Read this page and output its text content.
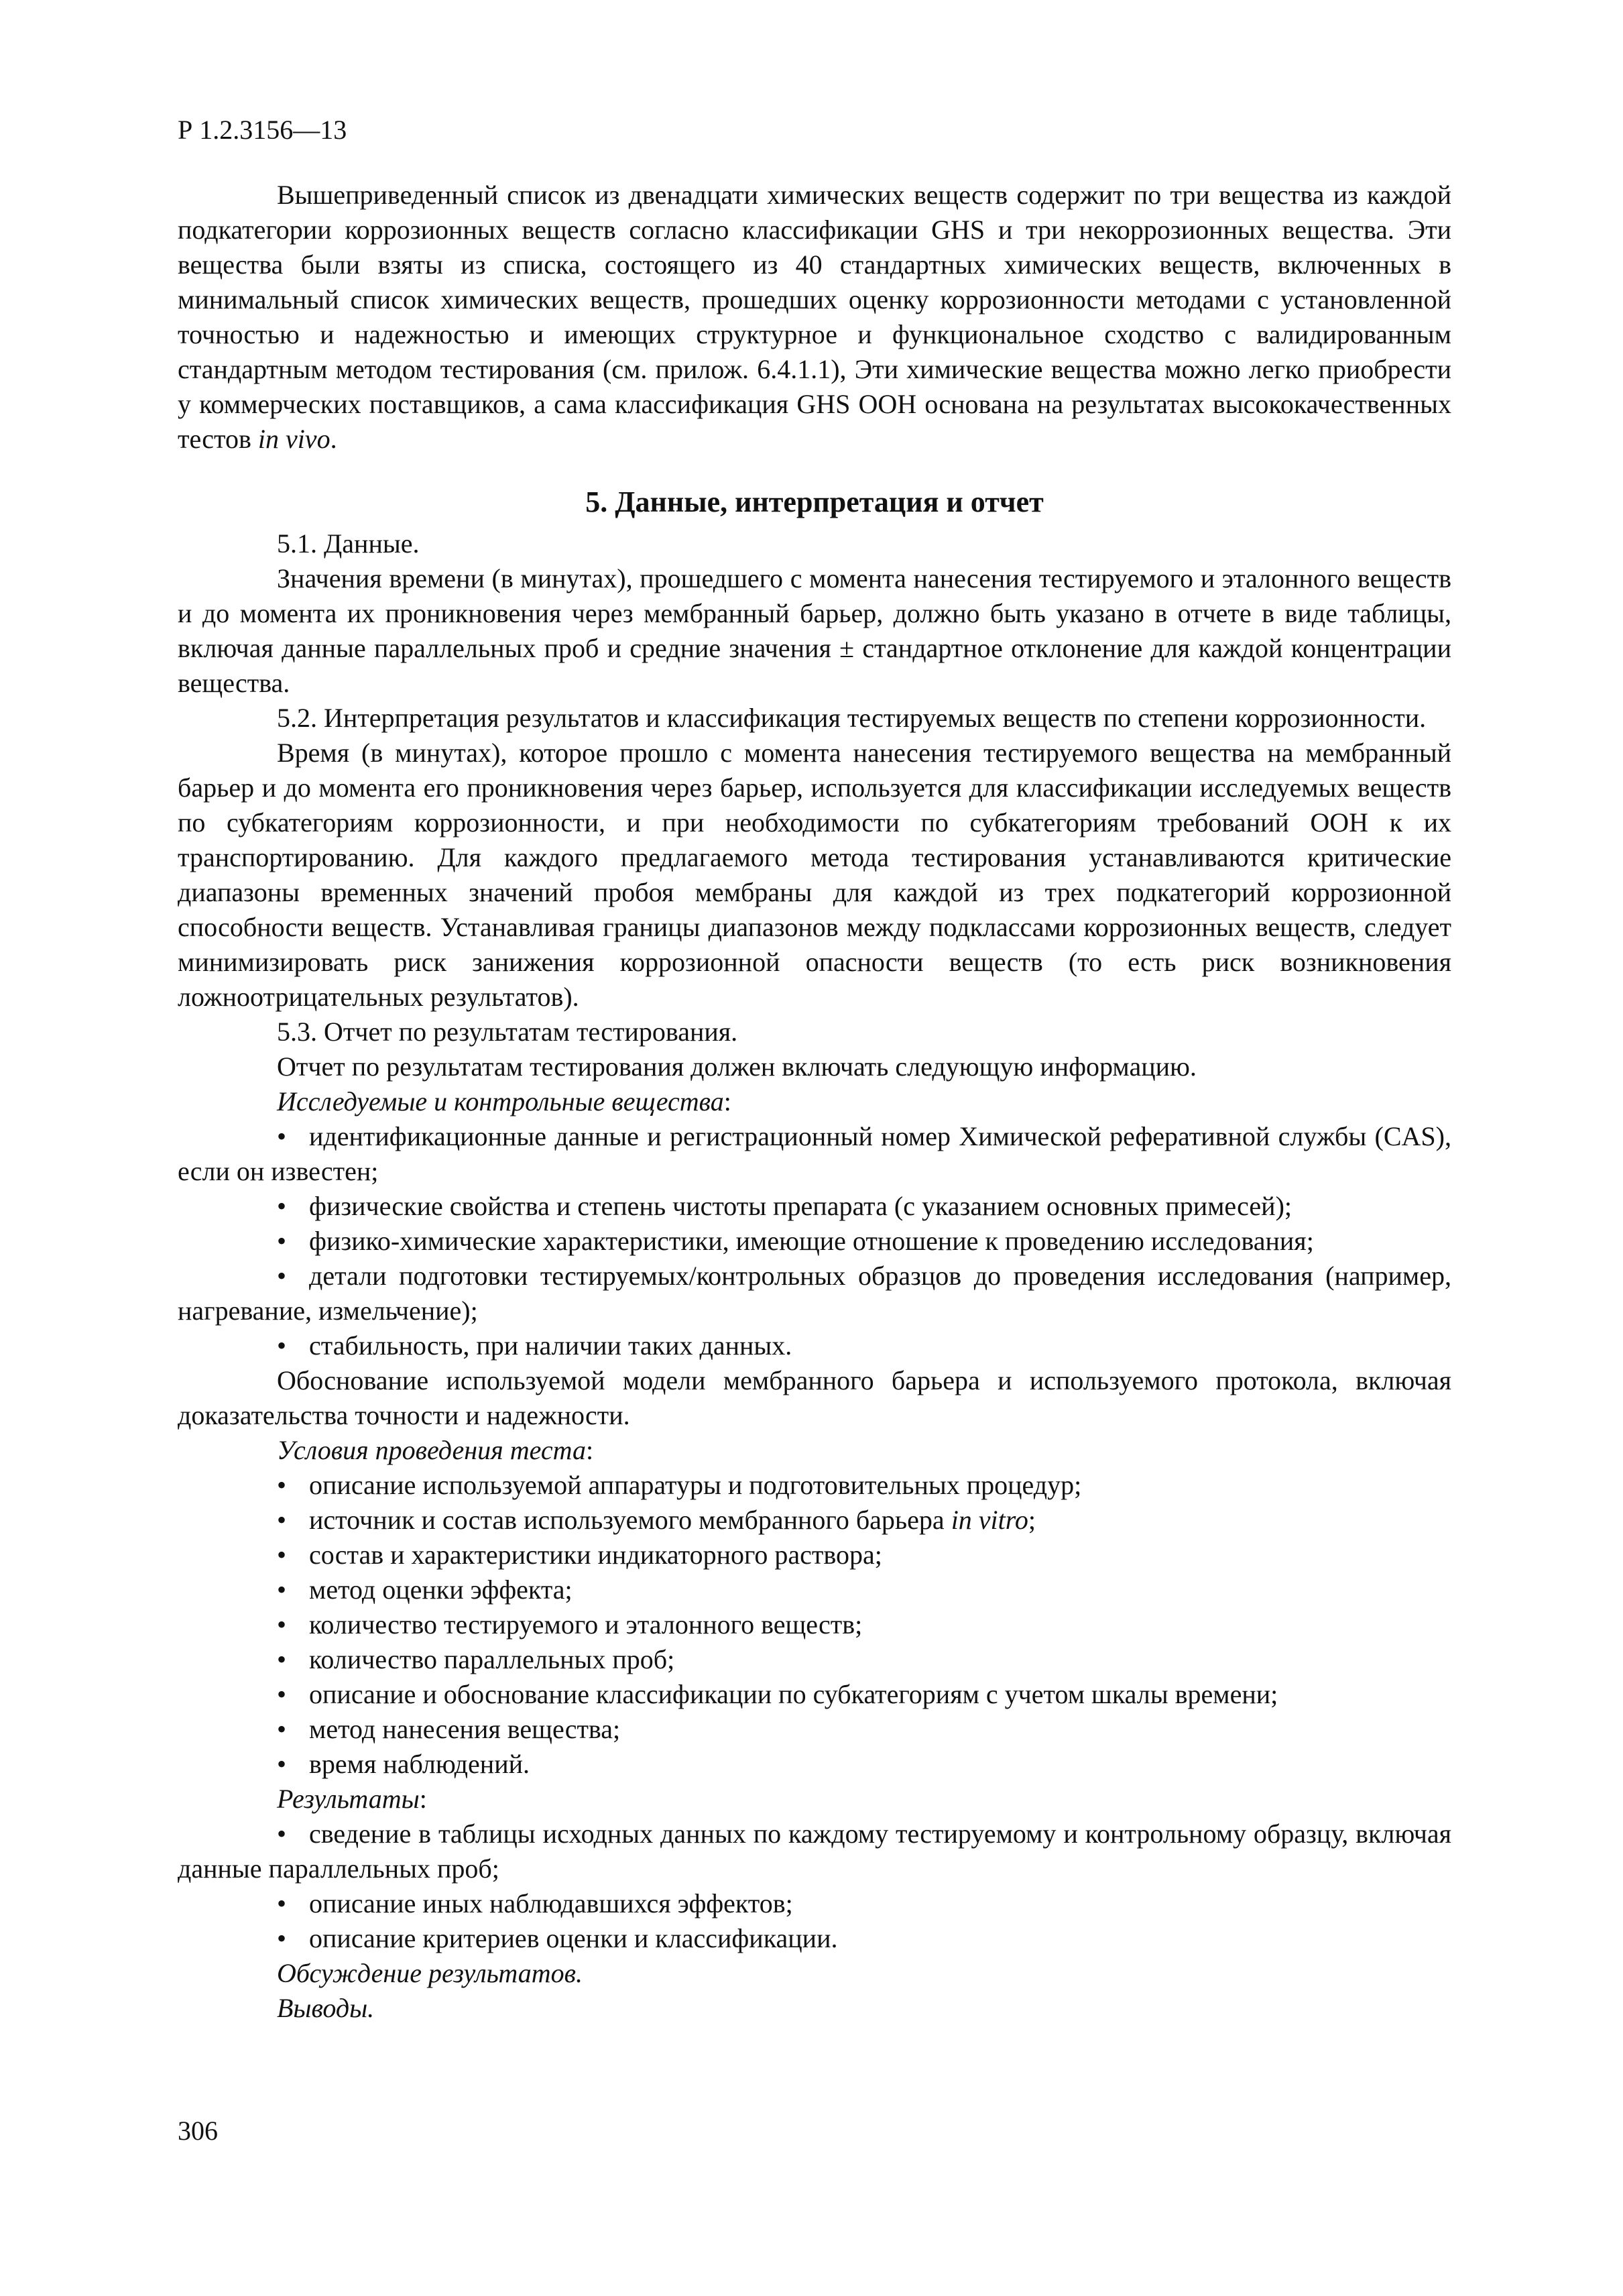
Р 1.2.3156—13

Вышеприведенный список из двенадцати химических веществ содержит по три вещества из каждой подкатегории коррозионных веществ согласно классификации GHS и три некоррозионных вещества. Эти вещества были взяты из списка, состоящего из 40 стандартных химических веществ, включенных в минимальный список химических веществ, прошедших оценку коррозионности методами с установленной точностью и надежностью и имеющих структурное и функциональное сходство с валидированным стандартным методом тестирования (см. прилож. 6.4.1.1), Эти химические вещества можно легко приобрести у коммерческих поставщиков, а сама классификация GHS ООН основана на результатах высококачественных тестов in vivo.

5. Данные, интерпретация и отчет

5.1. Данные.

Значения времени (в минутах), прошедшего с момента нанесения тестируемого и эталонного веществ и до момента их проникновения через мембранный барьер, должно быть указано в отчете в виде таблицы, включая данные параллельных проб и средние значения ± стандартное отклонение для каждой концентрации вещества.

5.2. Интерпретация результатов и классификация тестируемых веществ по степени коррозионности.

Время (в минутах), которое прошло с момента нанесения тестируемого вещества на мембранный барьер и до момента его проникновения через барьер, используется для классификации исследуемых веществ по субкатегориям коррозионности, и при необходимости по субкатегориям требований ООН к их транспортированию. Для каждого предлагаемого метода тестирования устанавливаются критические диапазоны временных значений пробоя мембраны для каждой из трех подкатегорий коррозионной способности веществ. Устанавливая границы диапазонов между подклассами коррозионных веществ, следует минимизировать риск занижения коррозионной опасности веществ (то есть риск возникновения ложноотрицательных результатов).

5.3. Отчет по результатам тестирования.

Отчет по результатам тестирования должен включать следующую информацию.

Исследуемые и контрольные вещества:

• идентификационные данные и регистрационный номер Химической реферативной службы (CAS), если он известен;

• физические свойства и степень чистоты препарата (с указанием основных примесей);

• физико-химические характеристики, имеющие отношение к проведению исследования;

• детали подготовки тестируемых/контрольных образцов до проведения исследования (например, нагревание, измельчение);

• стабильность, при наличии таких данных.

Обоснование используемой модели мембранного барьера и используемого протокола, включая доказательства точности и надежности.

Условия проведения теста:

• описание используемой аппаратуры и подготовительных процедур;

• источник и состав используемого мембранного барьера in vitro;

• состав и характеристики индикаторного раствора;

• метод оценки эффекта;

• количество тестируемого и эталонного веществ;

• количество параллельных проб;

• описание и обоснование классификации по субкатегориям с учетом шкалы времени;

• метод нанесения вещества;

• время наблюдений.

Результаты:

• сведение в таблицы исходных данных по каждому тестируемому и контрольному образцу, включая данные параллельных проб;

• описание иных наблюдавшихся эффектов;

• описание критериев оценки и классификации.

Обсуждение результатов.

Выводы.

306
